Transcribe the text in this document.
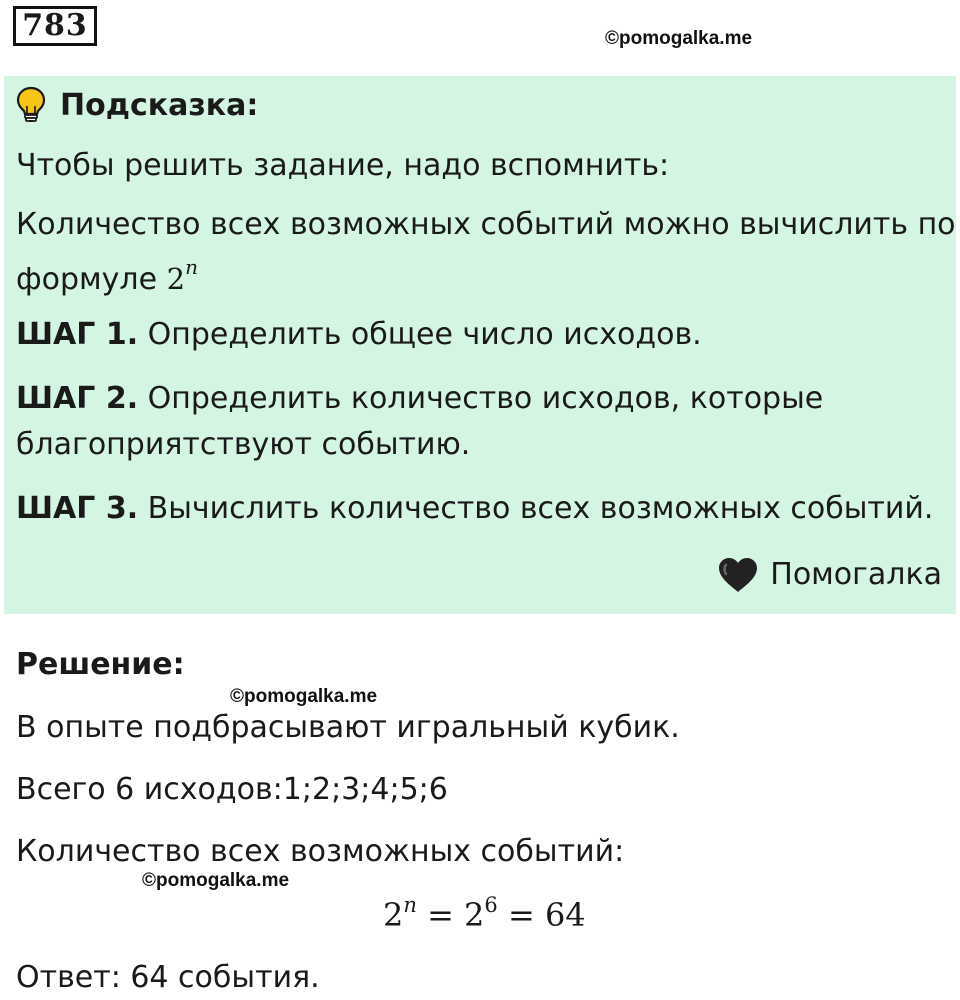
783	©pomogalka.me
Подсказка:
Чтобы решить задание, надо вспомнить:
Количество всех возможных событий можно вычислить по
формуле 2$^n$
ШАГ 1. Определить общее число исходов.
ШАГ 2. Определить количество исходов, которые
благоприятствуют событию.
ШАГ 3. Вычислить количество всех возможных событий.
Помогалка
Решение:
©pomogalka.me
В опыте подбрасывают игральный кубик.
Всего 6 исходов:1;2;3;4;5;6
Количество всех возможных событий:
©pomogalka.me
$2^n = 2^6 = 64$
Ответ: 64 события.
